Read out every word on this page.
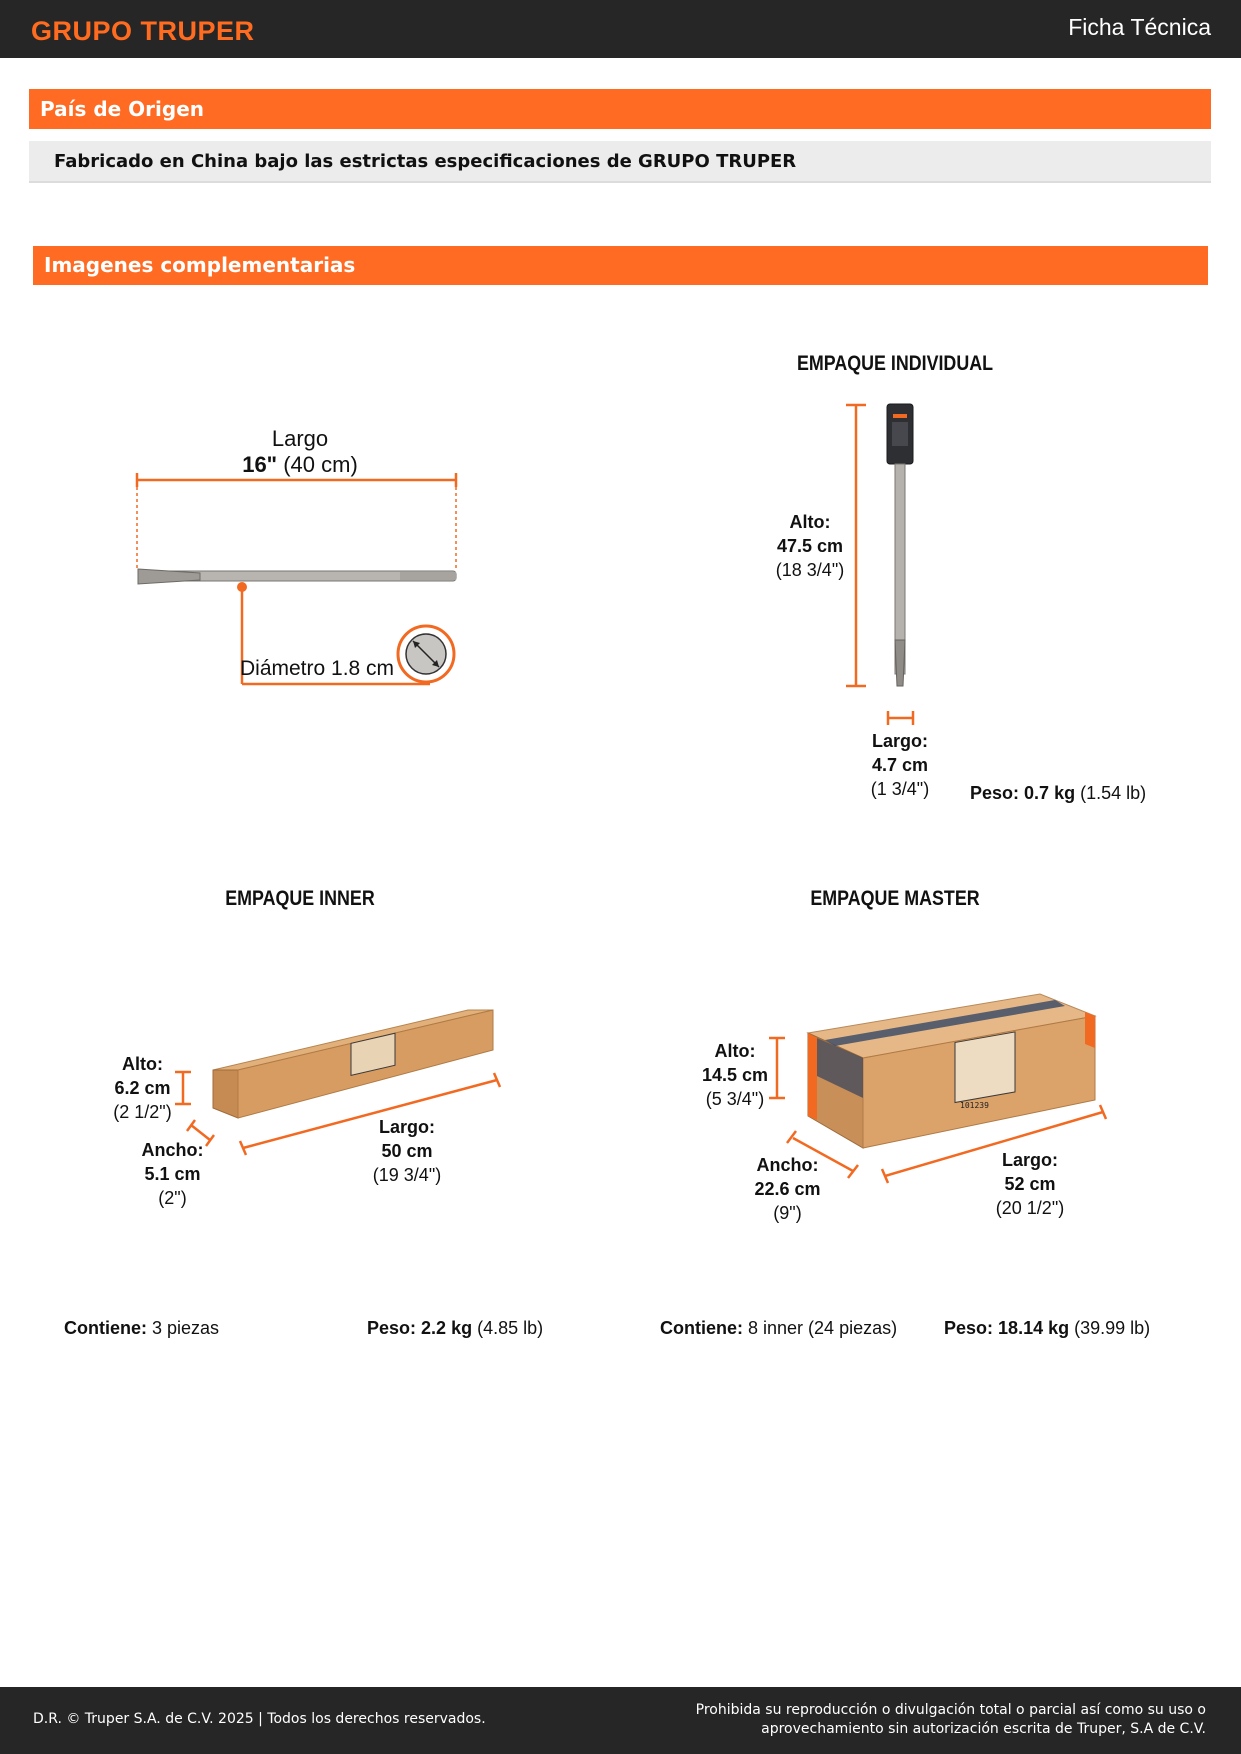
GRUPO TRUPER	Ficha Técnica
País de Origen
Fabricado en China bajo las estrictas especificaciones de GRUPO TRUPER
Imagenes complementarias
Largo
16" (40 cm)
Diámetro 1.8 cm
EMPAQUE INDIVIDUAL
Alto:
47.5 cm
(18 3/4")
Largo:
4.7 cm
(1 3/4")	Peso: 0.7 kg (1.54 lb)
EMPAQUE INNER
Alto:
6.2 cm
(2 1/2")
Ancho:
5.1 cm
(2")
Largo:
50 cm
(19 3/4")
Contiene: 3 piezas	Peso: 2.2 kg (4.85 lb)
EMPAQUE MASTER
101239
Alto:
14.5 cm
(5 3/4")
Ancho:
22.6 cm
(9")
Largo:
52 cm
(20 1/2")
Contiene: 8 inner (24 piezas)	Peso: 18.14 kg (39.99 lb)
D.R. © Truper S.A. de C.V. 2025 | Todos los derechos reservados.
Prohibida su reproducción o divulgación total o parcial así como su uso o
aprovechamiento sin autorización escrita de Truper, S.A de C.V.
